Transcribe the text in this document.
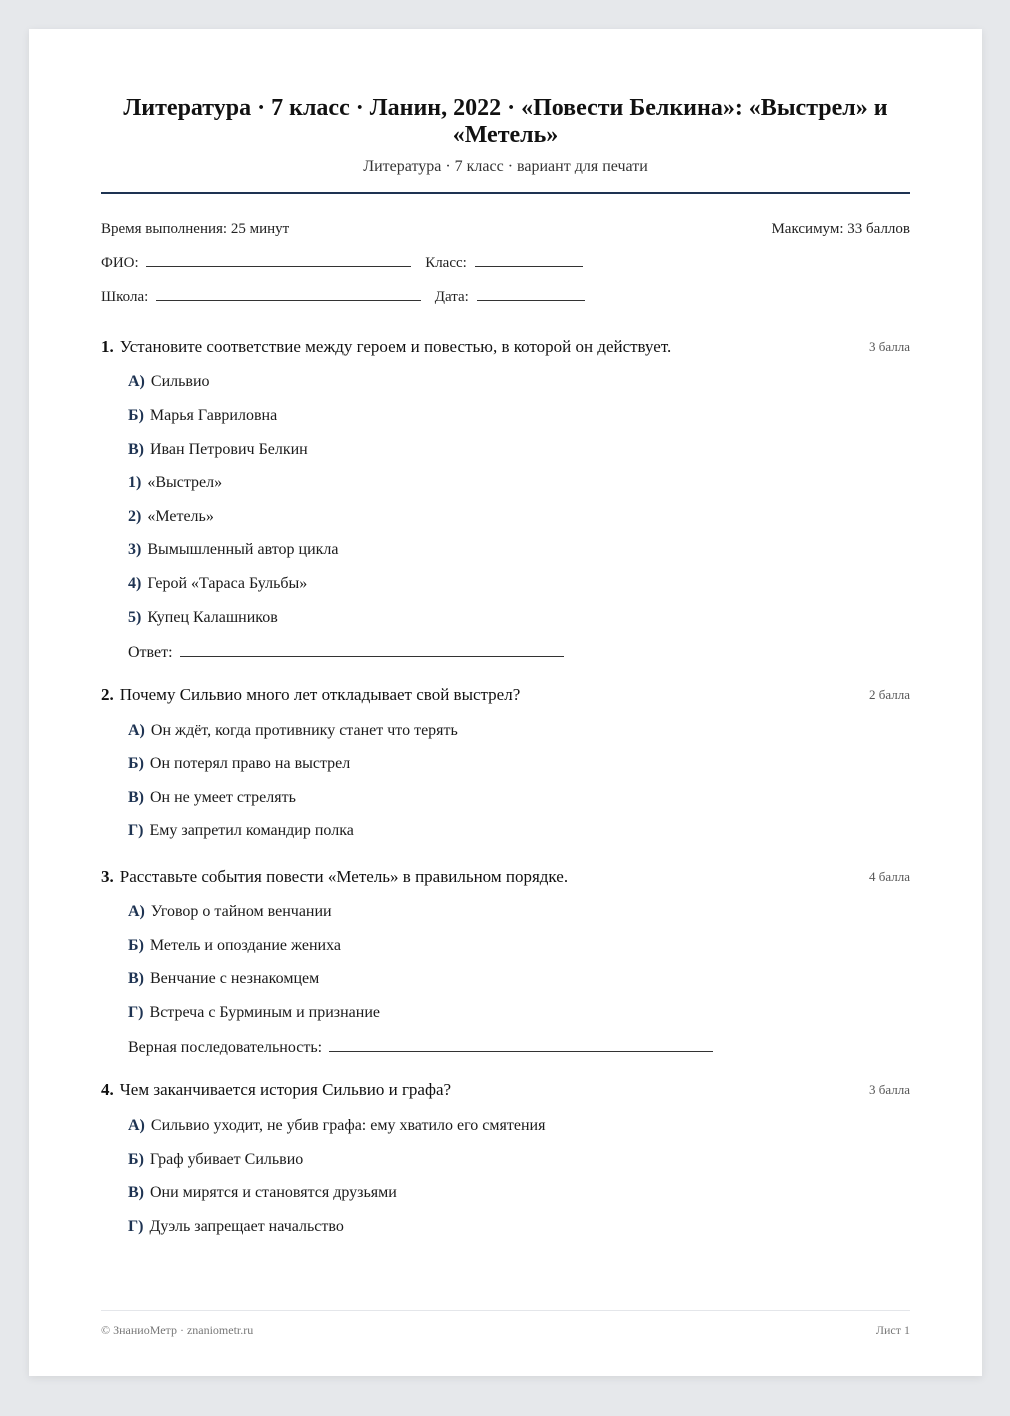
Литература · 7 класс · Ланин, 2022 · «Повести Белкина»: «Выстрел» и «Метель»
Литература · 7 класс · вариант для печати
Время выполнения: 25 минут	Максимум: 33 баллов
ФИО:	Класс:
Школа:	Дата:
1. Установите соответствие между героем и повестью, в которой он действует.	3 балла
А) Сильвио
Б) Марья Гавриловна
В) Иван Петрович Белкин
1) «Выстрел»
2) «Метель»
3) Вымышленный автор цикла
4) Герой «Тараса Бульбы»
5) Купец Калашников
Ответ:
2. Почему Сильвио много лет откладывает свой выстрел?	2 балла
А) Он ждёт, когда противнику станет что терять
Б) Он потерял право на выстрел
В) Он не умеет стрелять
Г) Ему запретил командир полка
3. Расставьте события повести «Метель» в правильном порядке.	4 балла
А) Уговор о тайном венчании
Б) Метель и опоздание жениха
В) Венчание с незнакомцем
Г) Встреча с Бурминым и признание
Верная последовательность:
4. Чем заканчивается история Сильвио и графа?	3 балла
А) Сильвио уходит, не убив графа: ему хватило его смятения
Б) Граф убивает Сильвио
В) Они мирятся и становятся друзьями
Г) Дуэль запрещает начальство
© ЗнаниоМетр · znaniometr.ru	Лист 1
